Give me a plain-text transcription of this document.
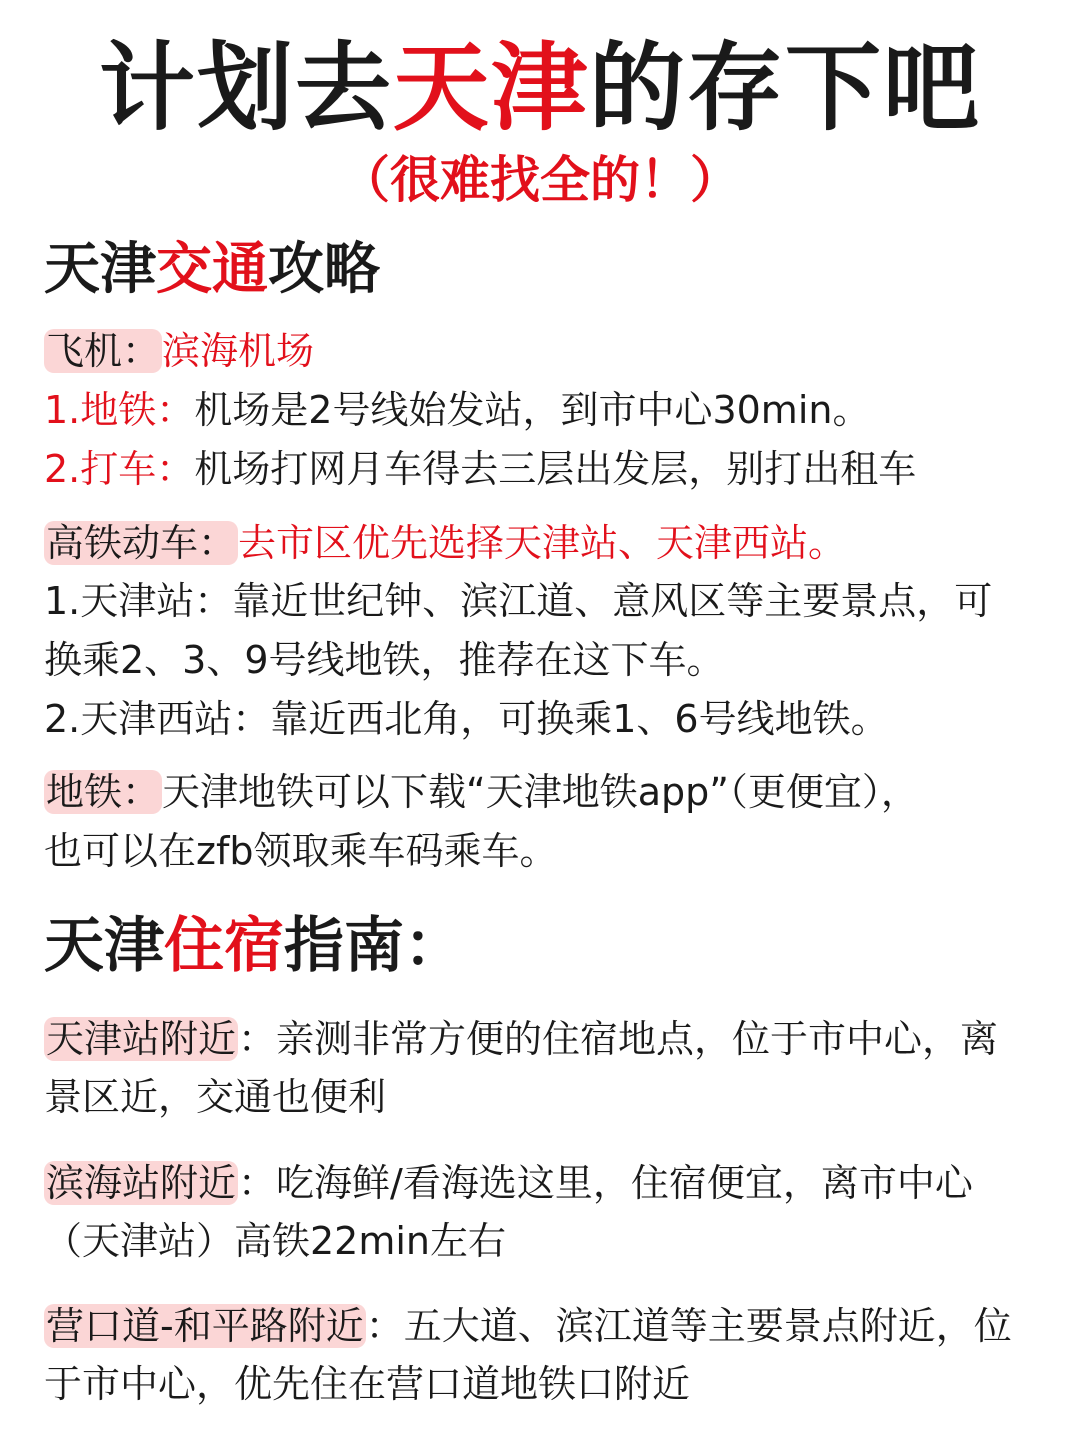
计划去天津的存下吧
（很难找全的！）
天津交通攻略
飞机：滨海机场
1.地铁：机场是2号线始发站，到市中心30min。
2.打车：机场打网月车得去三层出发层，别打出租车
高铁动车：去市区优先选择天津站、天津西站。
1.天津站：靠近世纪钟、滨江道、意风区等主要景点，可
换乘2、3、9号线地铁，推荐在这下车。
2.天津西站：靠近西北角，可换乘1、6号线地铁。
地铁：天津地铁可以下载“天津地铁app”（更便宜），
也可以在zfb领取乘车码乘车。
天津住宿指南：
天津站附近：亲测非常方便的住宿地点，位于市中心，离
景区近，交通也便利
滨海站附近：吃海鲜/看海选这里，住宿便宜，离市中心
（天津站）高铁22min左右
营口道-和平路附近：五大道、滨江道等主要景点附近，位
于市中心，优先住在营口道地铁口附近
